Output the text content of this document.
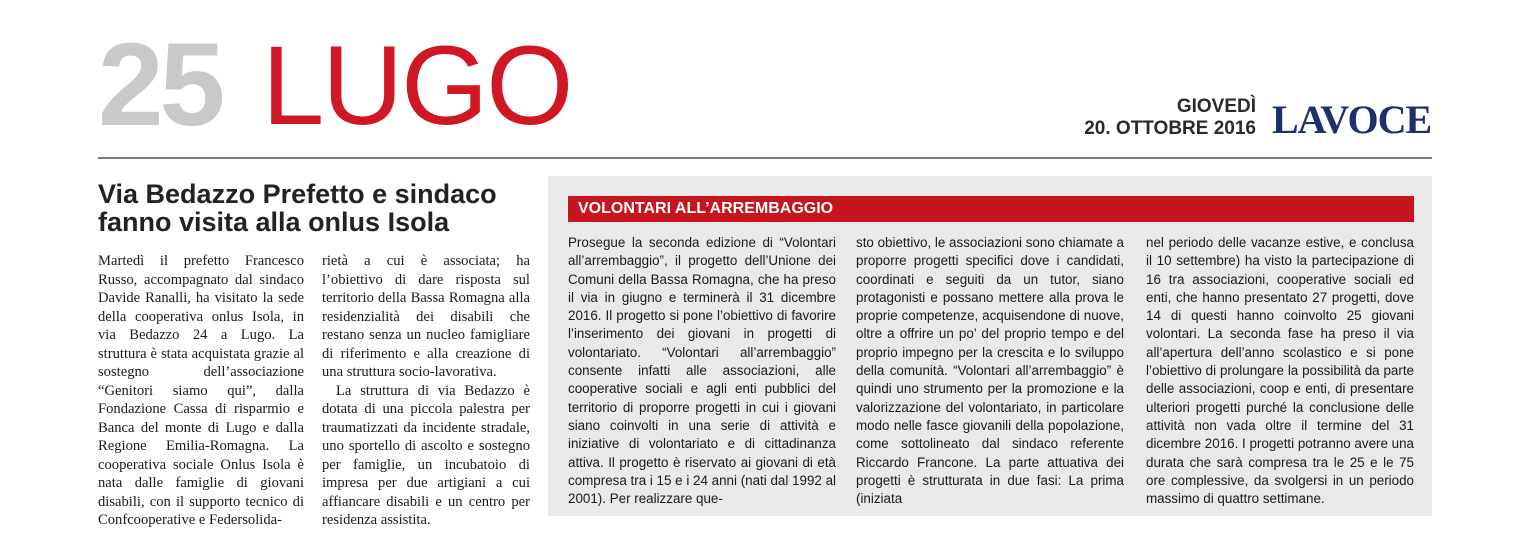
25 LUGO	GIOVEDÌ
20. OTTOBRE 2016 LAVOCE
Via Bedazzo Prefetto e sindaco fanno visita alla onlus Isola

Martedì il prefetto Francesco Russo, accompagnato dal sindaco Davide Ranalli, ha visitato la sede della cooperativa onlus Isola, in via Bedazzo 24 a Lugo. La struttura è stata acquistata grazie al sostegno dell’associazione “Genitori siamo qui”, dalla Fondazione Cassa di risparmio e Banca del monte di Lugo e dalla Regione Emilia-Romagna. La cooperativa sociale Onlus Isola è nata dalle famiglie di giovani disabili, con il supporto tecnico di Confcooperative e Federsolida-

rietà a cui è associata; ha l’obiettivo di dare risposta sul territorio della Bassa Romagna alla residenzialità dei disabili che restano senza un nucleo famigliare di riferimento e alla creazione di una struttura socio-lavorativa.

La struttura di via Bedazzo è dotata di una piccola palestra per traumatizzati da incidente stradale, uno sportello di ascolto e sostegno per famiglie, un incubatoio di impresa per due artigiani a cui affiancare disabili e un centro per residenza assistita.

VOLONTARI ALL’ARREMBAGGIO
Prosegue la seconda edizione di “Volontari all’arrembaggio”, il progetto dell’Unione dei Comuni della Bassa Romagna, che ha preso il via in giugno e terminerà il 31 dicembre 2016. Il progetto si pone l’obiettivo di favorire l’inserimento dei giovani in progetti di volontariato. “Volontari all’arrembaggio” consente infatti alle associazioni, alle cooperative sociali e agli enti pubblici del territorio di proporre progetti in cui i giovani siano coinvolti in una serie di attività e iniziative di volontariato e di cittadinanza attiva. Il progetto è riservato ai giovani di età compresa tra i 15 e i 24 anni (nati dal 1992 al 2001). Per realizzare que-
sto obiettivo, le associazioni sono chiamate a proporre progetti specifici dove i candidati, coordinati e seguiti da un tutor, siano protagonisti e possano mettere alla prova le proprie competenze, acquisendone di nuove, oltre a offrire un po’ del proprio tempo e del proprio impegno per la crescita e lo sviluppo della comunità. “Volontari all’arrembaggio” è quindi uno strumento per la promozione e la valorizzazione del volontariato, in particolare modo nelle fasce giovanili della popolazione, come sottolineato dal sindaco referente Riccardo Francone. La parte attuativa dei progetti è strutturata in due fasi: La prima (iniziata
nel periodo delle vacanze estive, e conclusa il 10 settembre) ha visto la partecipazione di 16 tra associazioni, cooperative sociali ed enti, che hanno presentato 27 progetti, dove 14 di questi hanno coinvolto 25 giovani volontari. La seconda fase ha preso il via all’apertura dell’anno scolastico e si pone l’obiettivo di prolungare la possibilità da parte delle associazioni, coop e enti, di presentare ulteriori progetti purché la conclusione delle attività non vada oltre il termine del 31 dicembre 2016. I progetti potranno avere una durata che sarà compresa tra le 25 e le 75 ore complessive, da svolgersi in un periodo massimo di quattro settimane.
